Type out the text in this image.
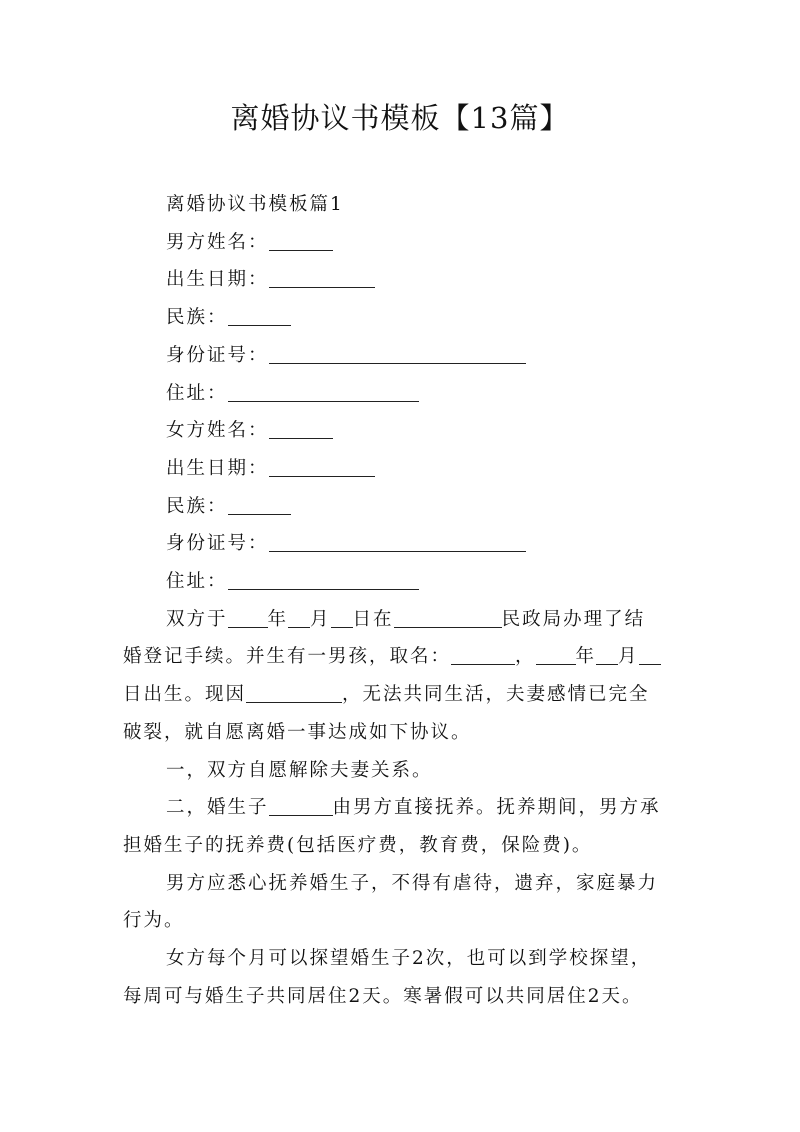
离婚协议书模板【13篇】
离婚协议书模板篇1
男方姓名：
出生日期：
民族：
身份证号：
住址：
女方姓名：
出生日期：
民族：
身份证号：
住址：
双方于 年 月 日在	民政局办理了结
婚登记手续。并生有一男孩，取名：	， 年 月
日出生。现因	，无法共同生活，夫妻感情已完全
破裂，就自愿离婚一事达成如下协议。
一，双方自愿解除夫妻关系。
二，婚生子	由男方直接抚养。抚养期间，男方承
担婚生子的抚养费(包括医疗费，教育费，保险费)。
男方应悉心抚养婚生子，不得有虐待，遗弃，家庭暴力
行为。
女方每个月可以探望婚生子2次，也可以到学校探望，
每周可与婚生子共同居住2天。寒暑假可以共同居住2天。
